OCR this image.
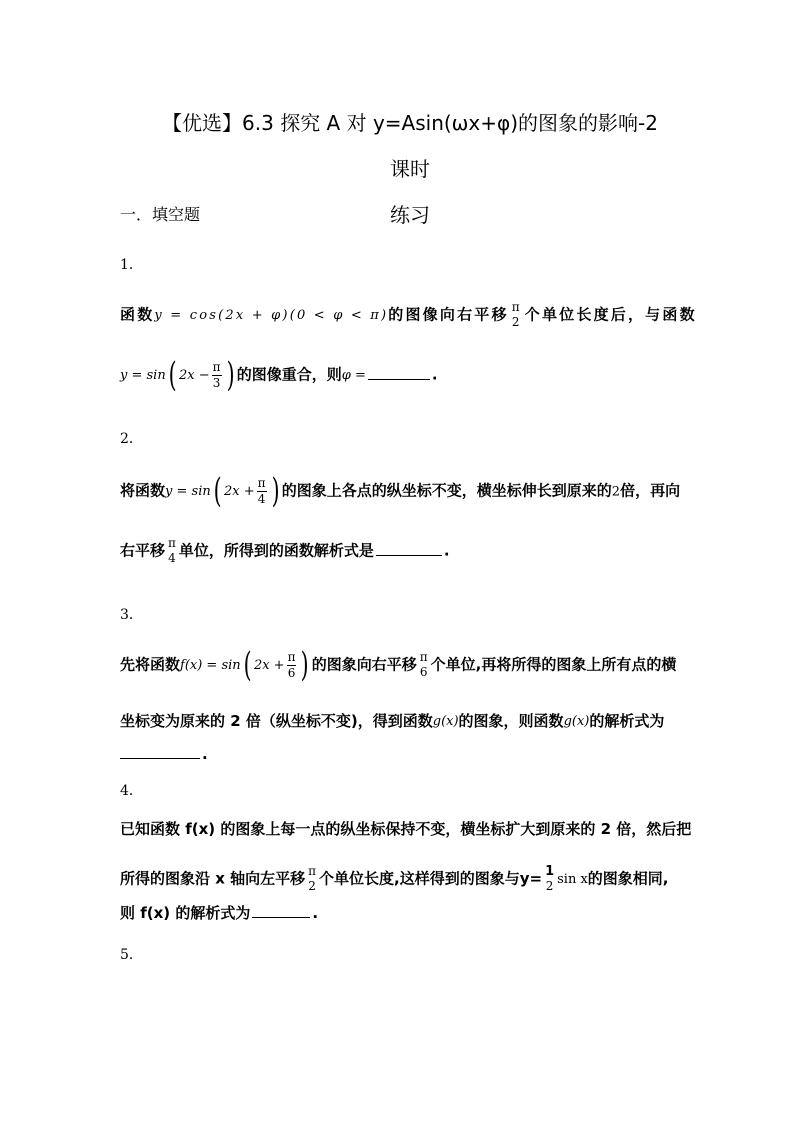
【优选】6.3 探究 A 对 y=Asin(ωx+φ)的图象的影响-2 课时
练习
一．填空题
1．
函数y = cos(2x + φ)(0 < φ < π)的图像向右平移 π
2 个单位长度后，与函数
y = sin( $2x - \frac{\pi}{3}$ ) 的图像重合，则φ =	.
2．
将函数y = sin( $2x + \frac{\pi}{4}$ ) 的图象上各点的纵坐标不变，横坐标伸长到原来的2倍，再向
右平移 π
4 单位，所得到的函数解析式是	.
3．
先将函数f(x) = sin( $2x + \frac{\pi}{6}$ ) 的图象向右平移 π
6 个单位,再将所得的图象上所有点的横
坐标变为原来的 2 倍（纵坐标不变)，得到函数g(x)的图象，则函数g(x)的解析式为
.
4．
已知函数 f(x) 的图象上每一点的纵坐标保持不变，横坐标扩大到原来的 2 倍，然后把
所得的图象沿 x 轴向左平移 π
2 个单位长度,这样得到的图象与y= 1
2 sin x的图象相同,
则 f(x) 的解析式为	.
5．
